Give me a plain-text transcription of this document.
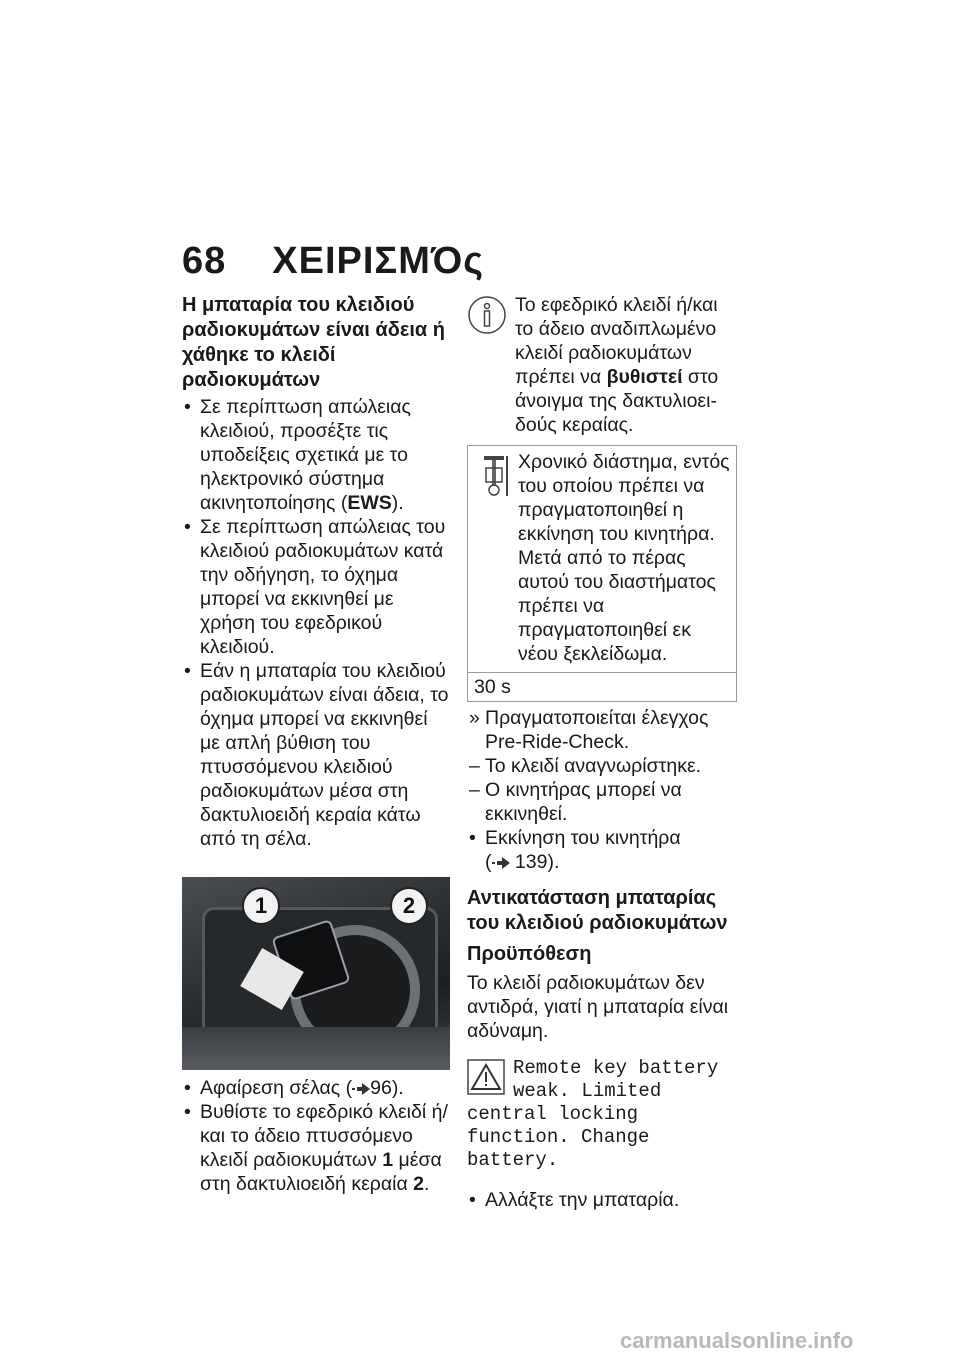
68 ΧΕΙΡΙΣΜΌς

Η μπαταρία του κλειδιού ραδιοκυμάτων είναι άδεια ή χάθηκε το κλειδί ραδιοκυμάτων

• Σε περίπτωση απώλειας κλειδιού, προσέξτε τις υποδείξεις σχετικά με το ηλεκτρονικό σύστημα ακινητοποίησης (EWS).

• Σε περίπτωση απώλειας του κλειδιού ραδιοκυμάτων κατά την οδήγηση, το όχημα μπορεί να εκκινηθεί με χρήση του εφεδρικού κλειδιού.

• Εάν η μπαταρία του κλειδιού ραδιοκυμάτων είναι άδεια, το όχημα μπορεί να εκκινηθεί με απλή βύθιση του πτυσσόμενου κλειδιού ραδιοκυμάτων μέσα στη δακτυλιοειδή κεραία κάτω από τη σέλα.

1	2

• Αφαίρεση σέλας ( 96).

• Βυθίστε το εφεδρικό κλειδί ή/ και το άδειο πτυσσόμενο κλειδί ραδιοκυμάτων 1 μέσα στη δακτυλιοειδή κεραία 2.

Το εφεδρικό κλειδί ή/και το άδειο αναδιπλωμένο κλειδί ραδιοκυμάτων πρέπει να βυθιστεί στο άνοιγμα της δακτυλιοειδούς κεραίας.
Χρονικό διάστημα, εντός του οποίου πρέπει να πραγματοποιηθεί η εκκίνηση του κινητήρα. Μετά από το πέρας αυτού του διαστήματος πρέπει να πραγματοποιηθεί εκ νέου ξεκλείδωμα.
30 s

» Πραγματοποιείται έλεγχος Pre-Ride-Check.

– Το κλειδί αναγνωρίστηκε.

– Ο κινητήρας μπορεί να εκκινηθεί.

• Εκκίνηση του κινητήρα
( 139).

Αντικατάσταση μπαταρίας του κλειδιού ραδιοκυμάτων

Προϋπόθεση

Το κλειδί ραδιοκυμάτων δεν αντιδρά, γιατί η μπαταρία είναι αδύναμη.

Remote key battery weak. Limited central locking function. Change battery.

• Αλλάξτε την μπαταρία.

carmanualsonline.info
